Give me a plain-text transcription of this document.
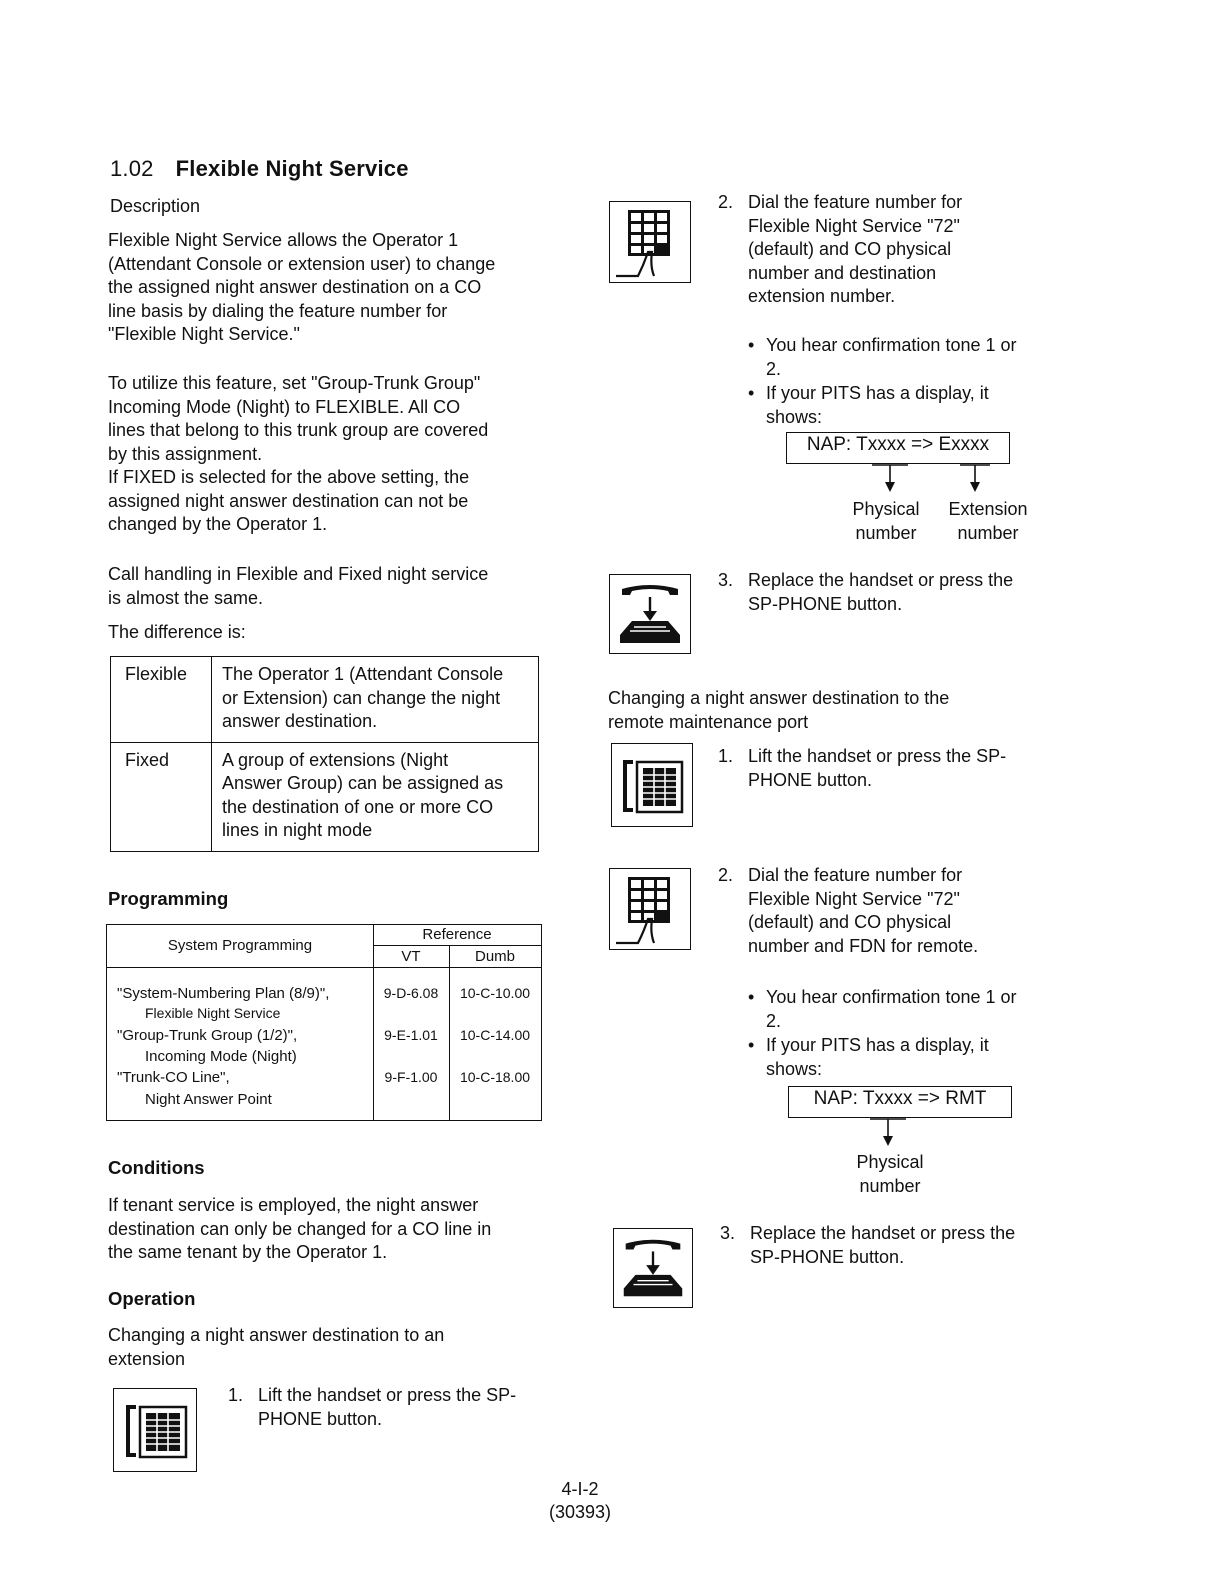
1.02 Flexible Night Service
Description

Flexible Night Service allows the Operator 1

(Attendant Console or extension user) to change

the assigned night answer destination on a CO

line basis by dialing the feature number for

"Flexible Night Service."

To utilize this feature, set "Group-Trunk Group"

Incoming Mode (Night) to FLEXIBLE. All CO

lines that belong to this trunk group are covered

by this assignment.

If FIXED is selected for the above setting, the

assigned night answer destination can not be

changed by the Operator 1.

Call handling in Flexible and Fixed night service

is almost the same.

The difference is:
Flexible	The Operator 1 (Attendant Console
or Extension) can change the night
answer destination.

Fixed	A group of extensions (Night
Answer Group) can be assigned as
the destination of one or more CO
lines in night mode
Programming
System Programming
Reference
VT	Dumb
"System-Numbering Plan (8/9)",
Flexible Night Service
9-D-6.08	10-C-10.00
"Group-Trunk Group (1/2)",
Incoming Mode (Night)
9-E-1.01	10-C-14.00
"Trunk-CO Line",
Night Answer Point
9-F-1.00	10-C-18.00
Conditions

If tenant service is employed, the night answer

destination can only be changed for a CO line in

the same tenant by the Operator 1.

Operation

Changing a night answer destination to an

extension

1. Lift the handset or press the SP-
PHONE button.
2. Dial the feature number for
Flexible Night Service "72"
(default) and CO physical
number and destination
extension number.
• You hear confirmation tone 1 or
2.
• If your PITS has a display, it
shows:
NAP: Txxxx => Exxxx
Physical
number
Extension
number
3. Replace the handset or press the
SP-PHONE button.

Changing a night answer destination to the

remote maintenance port

1. Lift the handset or press the SP-
PHONE button.
2. Dial the feature number for
Flexible Night Service "72"
(default) and CO physical
number and FDN for remote.
• You hear confirmation tone 1 or
2.
• If your PITS has a display, it
shows:
NAP: Txxxx => RMT
Physical
number
3. Replace the handset or press the
SP-PHONE button.
4-I-2
(30393)
